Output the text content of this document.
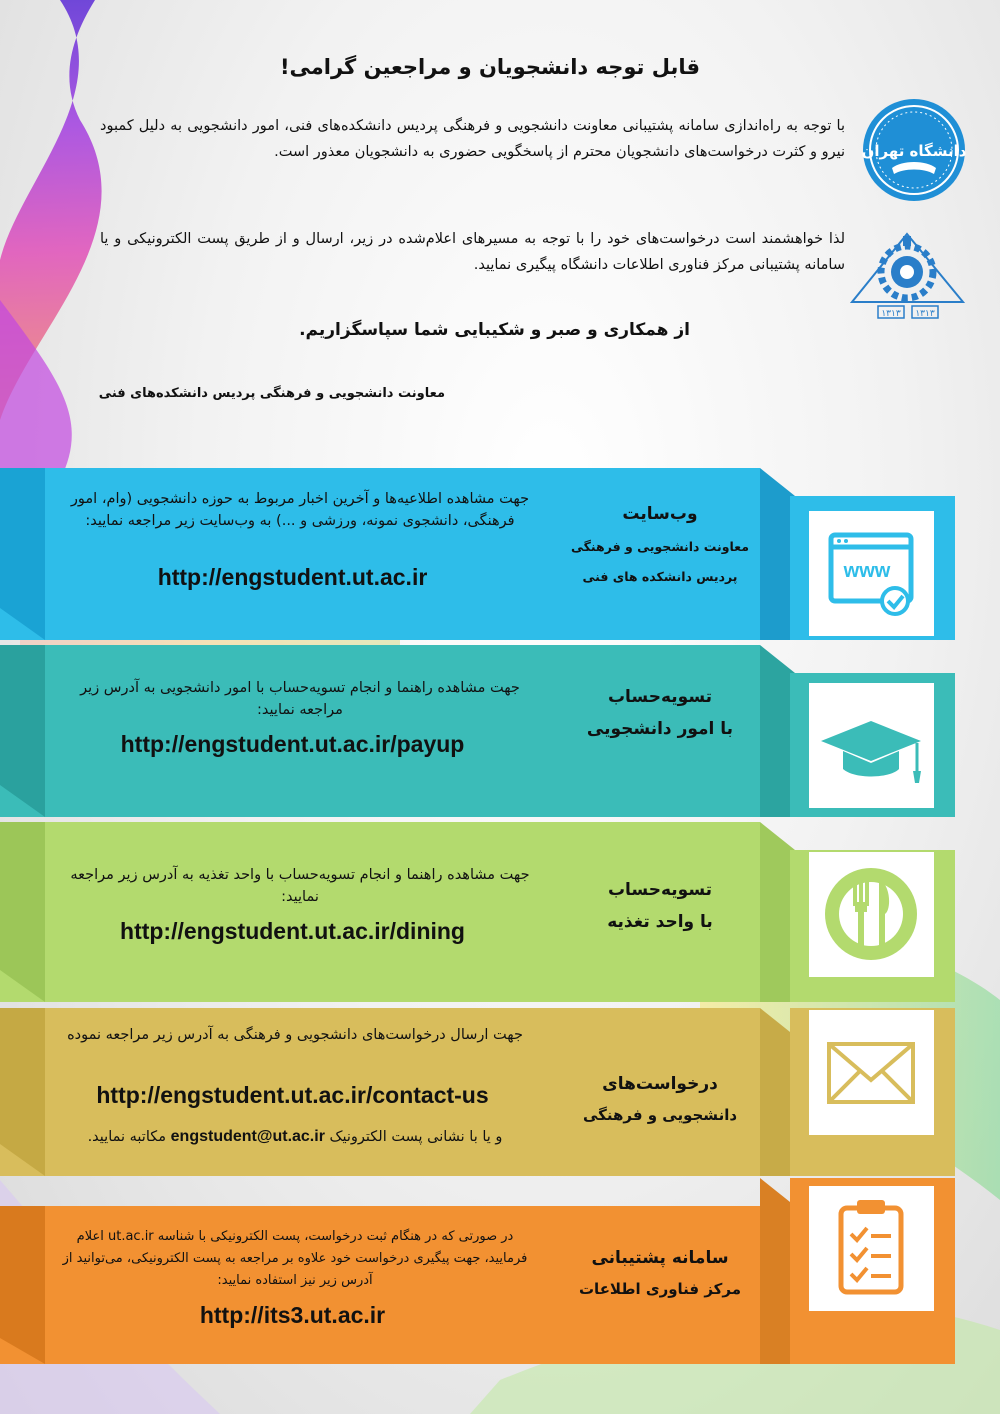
دانشگاه تهران
۱۳۱۳ ۱۳۱۳
قابل توجه دانشجویان و مراجعین گرامی!
با توجه به راه‌اندازی سامانه پشتیبانی معاونت دانشجویی و فرهنگی پردیس دانشکده‌های فنی، امور دانشجویی به دلیل کمبود نیرو و کثرت درخواست‌های دانشجویان محترم از پاسخگویی حضوری به دانشجویان معذور است.
لذا خواهشمند است درخواست‌های خود را با توجه به مسیرهای اعلام‌شده در زیر، ارسال و از طریق پست الکترونیکی و یا سامانه پشتیبانی مرکز فناوری اطلاعات دانشگاه پیگیری نمایید.
از همکاری و صبر و شکیبایی شما سپاسگزاریم.
معاونت دانشجویی و فرهنگی پردیس دانشکده‌های فنی
جهت مشاهده اطلاعیه‌ها و آخرین اخبار مربوط به حوزه دانشجویی (وام، امور فرهنگی، دانشجوی نمونه، ورزشی و ...) به وب‌سایت زیر مراجعه نمایید:
http://engstudent.ut.ac.ir
وب‌سایت
معاونت دانشجویی و فرهنگی
پردیس دانشکده های فنی	www
جهت مشاهده راهنما و انجام تسویه‌حساب با امور دانشجویی به آدرس زیر مراجعه نمایید:
http://engstudent.ut.ac.ir/payup
تسویه‌حساب
با امور دانشجویی
جهت مشاهده راهنما و انجام تسویه‌حساب با واحد تغذیه به آدرس زیر مراجعه نمایید:
http://engstudent.ut.ac.ir/dining
تسویه‌حساب
با واحد تغذیه
جهت ارسال درخواست‌های دانشجویی و فرهنگی به آدرس زیر مراجعه نموده
http://engstudent.ut.ac.ir/contact-us
و یا با نشانی پست الکترونیک engstudent@ut.ac.ir مکاتبه نمایید.
درخواست‌های
دانشجویی و فرهنگی
در صورتی که در هنگام ثبت درخواست، پست الکترونیکی با شناسه ut.ac.ir اعلام فرمایید، جهت پیگیری درخواست خود علاوه بر مراجعه به پست الکترونیکی، می‌توانید از آدرس زیر نیز استفاده نمایید:
http://its3.ut.ac.ir
سامانه پشتیبانی
مرکز فناوری اطلاعات
